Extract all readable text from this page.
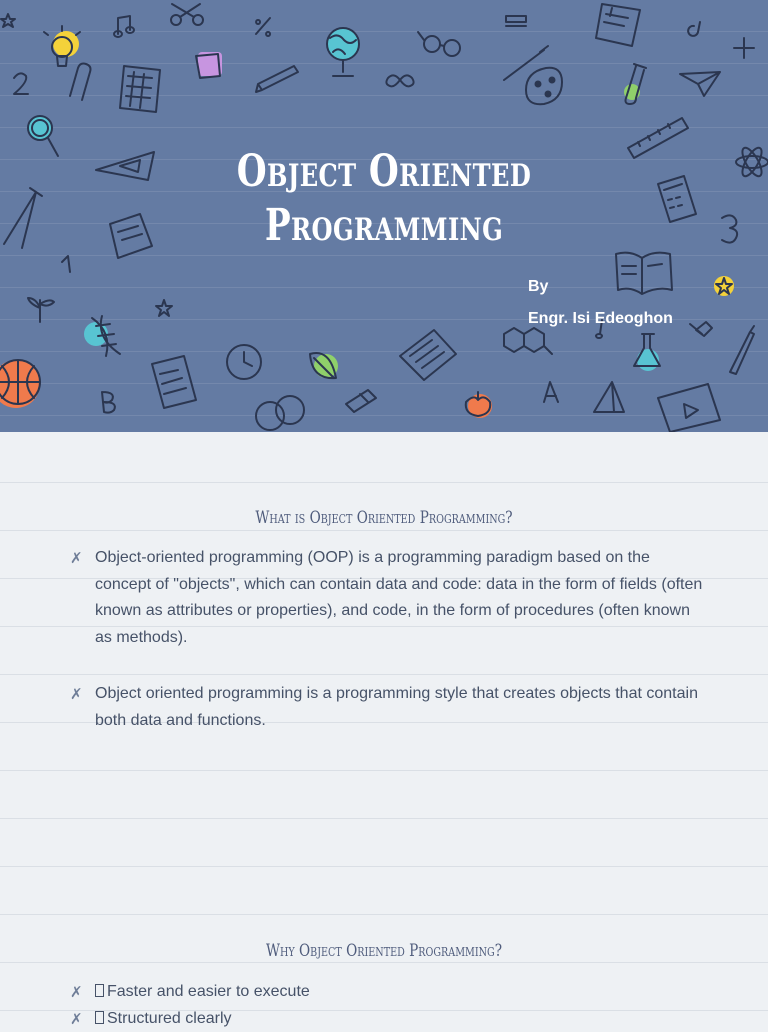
Object Oriented
Programming
By
Engr. Isi Edeoghon
What is Object Oriented Programming?
✗ Object-oriented programming (OOP) is a programming paradigm based on the concept of "objects", which can contain data and code: data in the form of fields (often known as attributes or properties), and code, in the form of procedures (often known as methods).
✗ Object oriented programming is a programming style that creates objects that contain both data and functions.
Why Object Oriented Programming?
✗ Faster and easier to execute
✗ Structured clearly
